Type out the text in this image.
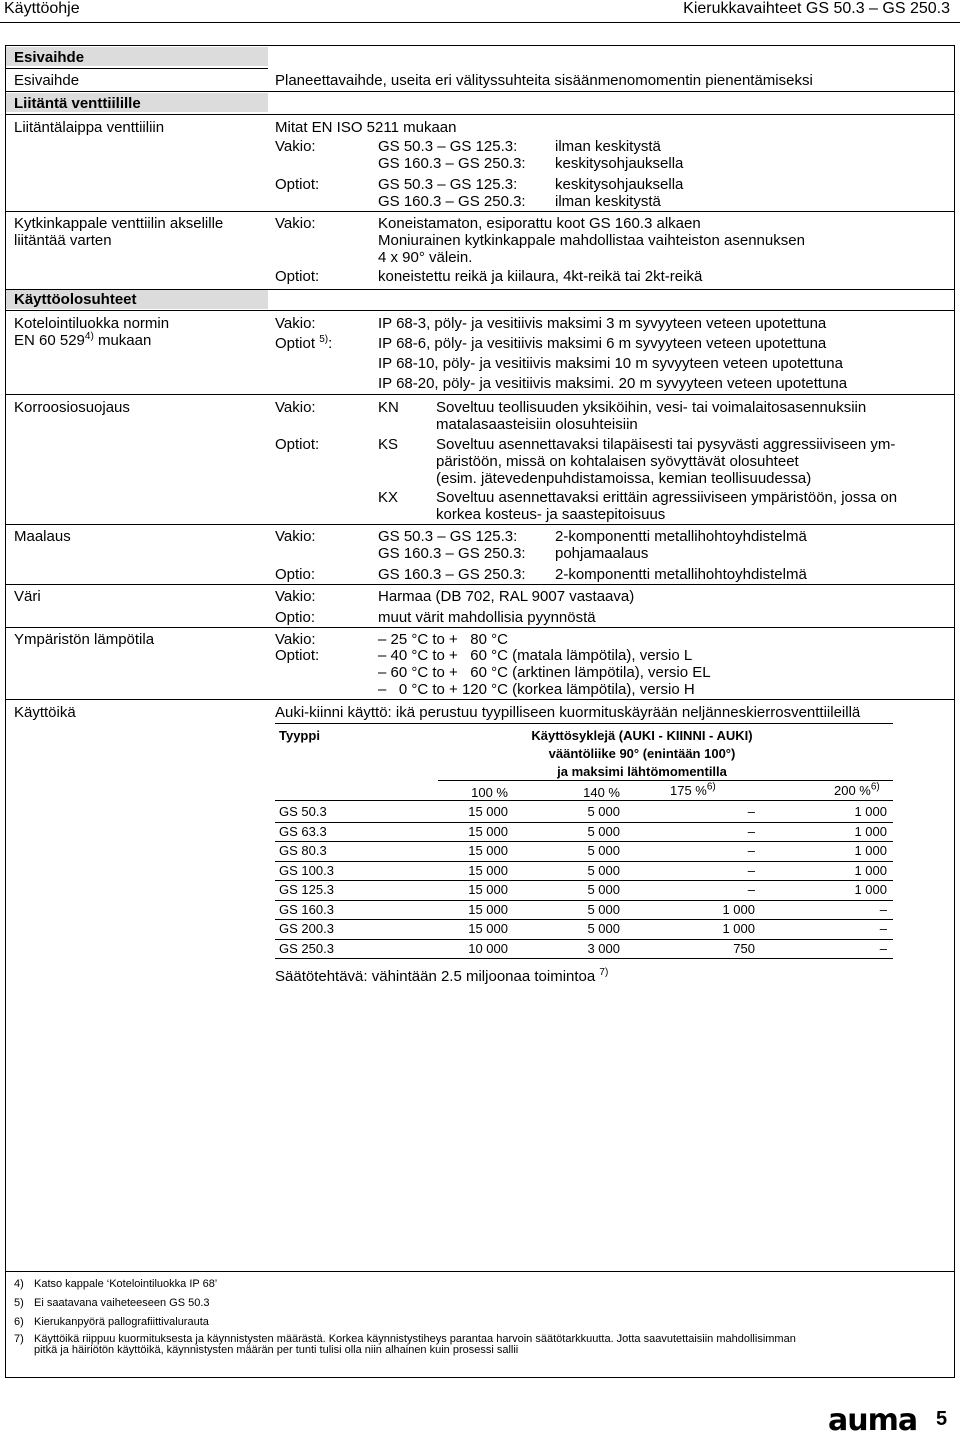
Käyttöohje	Kierukkavaihteet GS 50.3 – GS 250.3
Esivaihde
Esivaihde	Planeettavaihde, useita eri välityssuhteita sisäänmenomomentin pienentämiseksi
Liitäntä venttiilille
Liitäntälaippa venttiiliin	Mitat EN ISO 5211 mukaan
Vakio:	GS 50.3 – GS 125.3:	ilman keskitystä
GS 160.3 – GS 250.3: keskitysohjauksella
Optiot:	GS 50.3 – GS 125.3:	keskitysohjauksella
GS 160.3 – GS 250.3: ilman keskitystä
Kytkinkappale venttiilin akselille
liitäntää varten
Vakio:	Koneistamaton, esiporattu koot GS 160.3 alkaen
Moniurainen kytkinkappale mahdollistaa vaihteiston asennuksen
4 x 90° välein.
Optiot:	koneistettu reikä ja kiilaura, 4kt-reikä tai 2kt-reikä
Käyttöolosuhteet
Kotelointiluokka normin
EN 60 529$^{4)}$ mukaan
Vakio:	IP 68-3, pöly- ja vesitiivis maksimi 3 m syvyyteen veteen upotettuna
Optiot $^{5)}$:	IP 68-6, pöly- ja vesitiivis maksimi 6 m syvyyteen veteen upotettuna
IP 68-10, pöly- ja vesitiivis maksimi 10 m syvyyteen veteen upotettuna
IP 68-20, pöly- ja vesitiivis maksimi. 20 m syvyyteen veteen upotettuna
Korroosiosuojaus	Vakio:	KN Soveltuu teollisuuden yksiköihin, vesi- tai voimalaitosasennuksiin
matalasaasteisiin olosuhteisiin
Optiot:	KS	Soveltuu asennettavaksi tilapäisesti tai pysyvästi aggressiiviseen ym-
päristöön, missä on kohtalaisen syövyttävät olosuhteet
(esim. jätevedenpuhdistamoissa, kemian teollisuudessa)
KX	Soveltuu asennettavaksi erittäin agressiiviseen ympäristöön, jossa on
korkea kosteus- ja saastepitoisuus
Maalaus	Vakio:	GS 50.3 – GS 125.3:	2-komponentti metallihohtoyhdistelmä
GS 160.3 – GS 250.3: pohjamaalaus
Optio:	GS 160.3 – GS 250.3: 2-komponentti metallihohtoyhdistelmä
Väri	Vakio:	Harmaa (DB 702, RAL 9007 vastaava)
Optio:	muut värit mahdollisia pyynnöstä
Ympäristön lämpötila	Vakio:	– 25 °C to +   80 °C
Optiot:	– 40 °C to +   60 °C (matala lämpötila), versio L
– 60 °C to +   60 °C (arktinen lämpötila), versio EL
–   0 °C to + 120 °C (korkea lämpötila), versio H
Käyttöikä	Auki-kiinni käyttö: ikä perustuu tyypilliseen kuormituskäyrään neljänneskierrosventtiileillä
Tyyppi	Käyttösyklejä (AUKI - KIINNI - AUKI)
vääntöliike 90° (enintään 100°)
ja maksimi lähtömomentilla
100 %	140 %	175 %$^{6)}$	200 %$^{6)}$
GS 50.3	15 000	5 000	–	1 000
GS 63.3	15 000	5 000	–	1 000
GS 80.3	15 000	5 000	–	1 000
GS 100.3	15 000	5 000	–	1 000
GS 125.3	15 000	5 000	–	1 000
GS 160.3	15 000	5 000	1 000	–
GS 200.3	15 000	5 000	1 000	–
GS 250.3	10 000	3 000	750	–
Säätötehtävä: vähintään 2.5 miljoonaa toimintoa $^{7)}$
4) Katso kappale ‘Kotelointiluokka IP 68’
5) Ei saatavana vaiheteeseen GS 50.3
6) Kierukanpyörä pallografiittivalurauta
7) Käyttöikä riippuu kuormituksesta ja käynnistysten määrästä. Korkea käynnistystiheys parantaa harvoin säätötarkkuutta. Jotta saavutettaisiin mahdollisimman
pitkä ja häiriötön käyttöikä, käynnistysten määrän per tunti tulisi olla niin alhainen kuin prosessi sallii
auma 5
